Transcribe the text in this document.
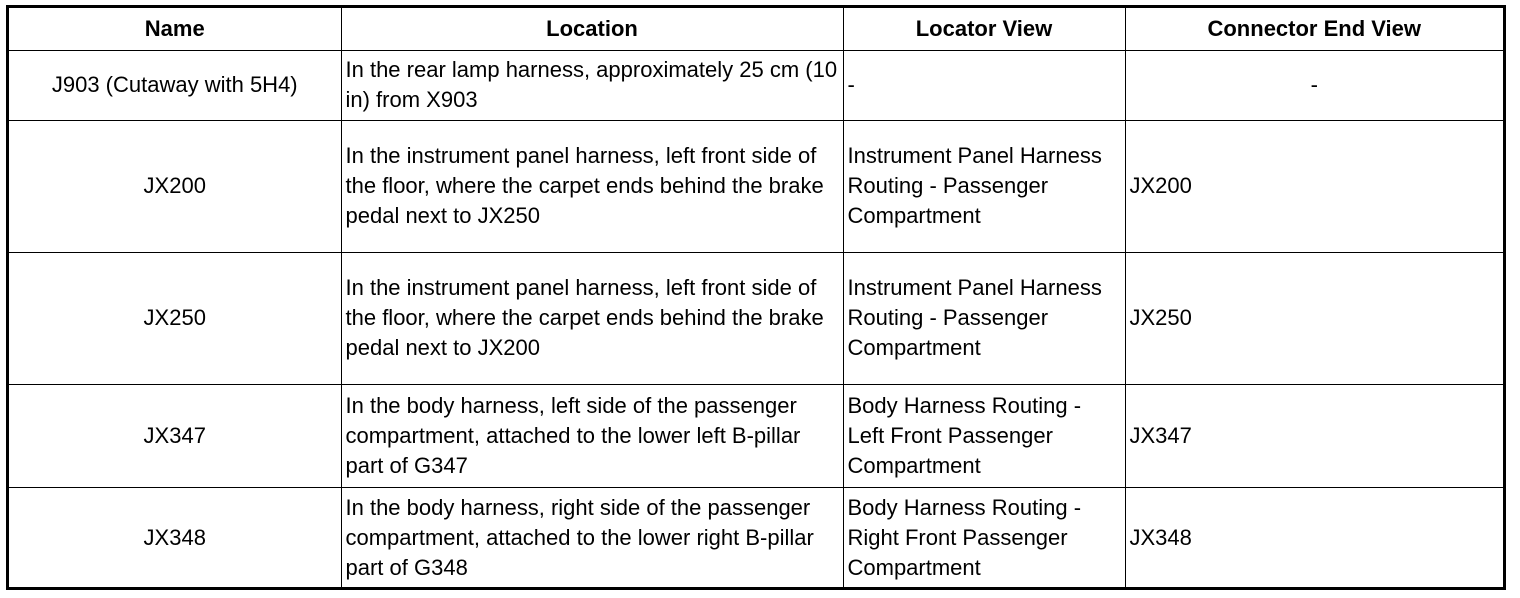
Name	Location	Locator View	Connector End View
J903 (Cutaway with 5H4)	In the rear lamp harness, approximately 25 cm (10 in) from X903	-	-
JX200	In the instrument panel harness, left front side of the floor, where the carpet ends behind the brake pedal next to JX250	Instrument Panel Harness Routing - Passenger Compartment	JX200
JX250	In the instrument panel harness, left front side of the floor, where the carpet ends behind the brake pedal next to JX200	Instrument Panel Harness Routing - Passenger Compartment	JX250
JX347	In the body harness, left side of the passenger compartment, attached to the lower left B-pillar part of G347	Body Harness Routing - Left Front Passenger Compartment	JX347
JX348	In the body harness, right side of the passenger compartment, attached to the lower right B-pillar part of G348	Body Harness Routing - Right Front Passenger Compartment	JX348
